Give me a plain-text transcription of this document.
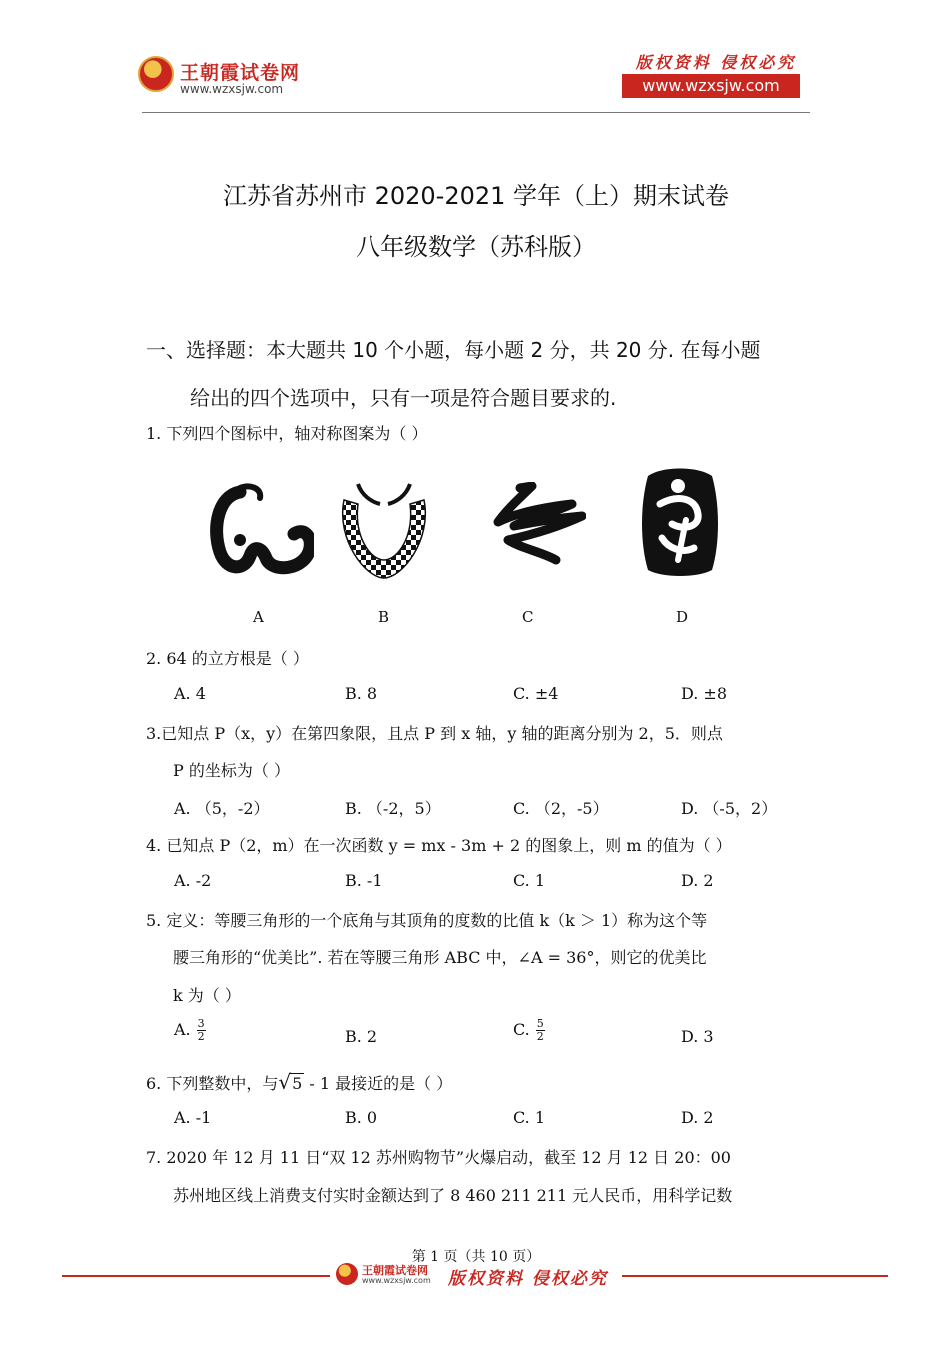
王朝霞试卷网
www.wzxsjw.com
版权资料 侵权必究
www.wzxsjw.com
江苏省苏州市 2020-2021 学年（上）期末试卷
八年级数学（苏科版）
一、选择题：本大题共 10 个小题，每小题 2 分，共 20 分. 在每小题
给出的四个选项中，只有一项是符合题目要求的.
1. 下列四个图标中，轴对称图案为（ ）
A	B	C	D
2. 64 的立方根是（ ）
A. 4	B. 8	C. ±4	D. ±8
3.已知点 P（x，y）在第四象限，且点 P 到 x 轴，y 轴的距离分别为 2，5．则点
P 的坐标为（ ）
A. （5，-2）	B. （-2，5）	C. （2，-5）	D. （-5，2）
4. 已知点 P（2，m）在一次函数 y = mx - 3m + 2 的图象上，则 m 的值为（ ）
A. -2	B. -1	C. 1	D. 2
5. 定义：等腰三角形的一个底角与其顶角的度数的比值 k（k ＞ 1）称为这个等
腰三角形的“优美比”. 若在等腰三角形 ABC 中，∠A = 36°，则它的优美比
k 为（ ）
A. $\frac{3}{2}$	B. 2	C. $\frac{5}{2}$	D. 3
6. 下列整数中，与√5 - 1 最接近的是（ ）
A. -1	B. 0	C. 1	D. 2
7. 2020 年 12 月 11 日“双 12 苏州购物节”火爆启动，截至 12 月 12 日 20：00
苏州地区线上消费支付实时金额达到了 8 460 211 211 元人民币，用科学记数
第 1 页（共 10 页）
王朝霞试卷网
www.wzxsjw.com 版权资料 侵权必究
